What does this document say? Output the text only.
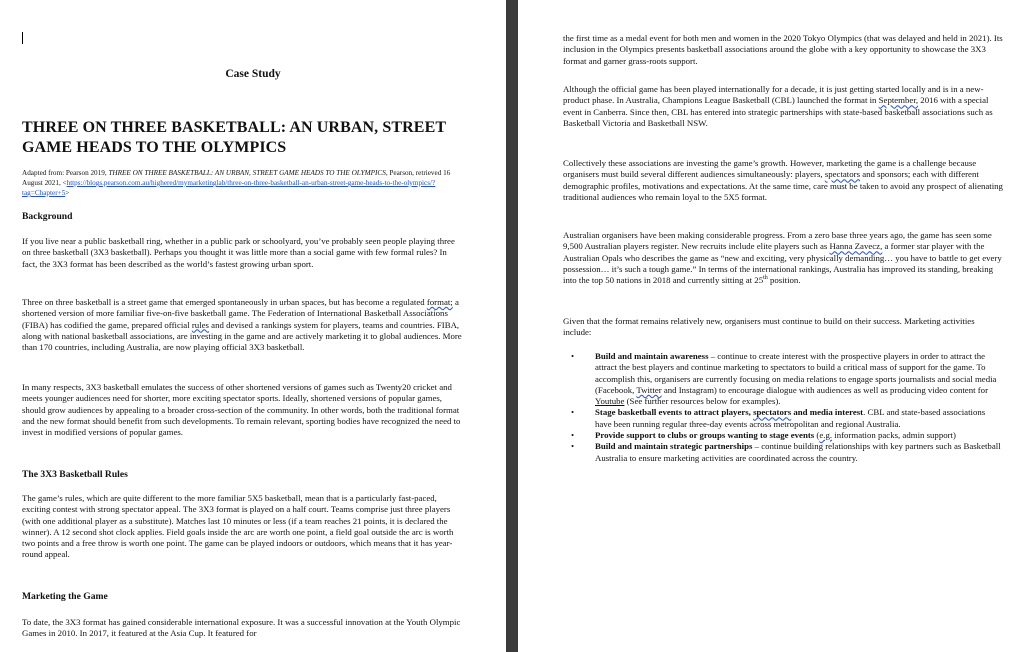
Case Study
THREE ON THREE BASKETBALL: AN URBAN, STREET GAME HEADS TO THE OLYMPICS
Adapted from: Pearson 2019, THREE ON THREE BASKETBALL: AN URBAN, STREET GAME HEADS TO THE OLYMPICS, Pearson, retrieved 16 August 2021, <https://blogs.pearson.com.au/highered/mymarketinglab/three-on-three-basketball-an-urban-street-game-heads-to-the-olympics/?tag=Chapter+5>
Background
If you live near a public basketball ring, whether in a public park or schoolyard, you’ve probably seen people playing three on three basketball (3X3 basketball). Perhaps you thought it was little more than a social game with few formal rules? In fact, the 3X3 format has been described as the world’s fastest growing urban sport.
Three on three basketball is a street game that emerged spontaneously in urban spaces, but has become a regulated format; a shortened version of more familiar five-on-five basketball game. The Federation of International Basketball Associations (FIBA) has codified the game, prepared official rules and devised a rankings system for players, teams and countries. FIBA, along with national basketball associations, are investing in the game and are actively marketing it to global audiences. More than 170 countries, including Australia, are now playing official 3X3 basketball.
In many respects, 3X3 basketball emulates the success of other shortened versions of games such as Twenty20 cricket and meets younger audiences need for shorter, more exciting spectator sports. Ideally, shortened versions of popular games, should grow audiences by appealing to a broader cross-section of the community. In other words, both the traditional format and the new format should benefit from such developments. To remain relevant, sporting bodies have recognized the need to invest in modified versions of popular games.
The 3X3 Basketball Rules
The game’s rules, which are quite different to the more familiar 5X5 basketball, mean that is a particularly fast-paced, exciting contest with strong spectator appeal. The 3X3 format is played on a half court. Teams comprise just three players (with one additional player as a substitute). Matches last 10 minutes or less (if a team reaches 21 points, it is declared the winner). A 12 second shot clock applies. Field goals inside the arc are worth one point, a field goal outside the arc is worth two points and a free throw is worth one point. The game can be played indoors or outdoors, which means that it has year-round appeal.
Marketing the Game
To date, the 3X3 format has gained considerable international exposure. It was a successful innovation at the Youth Olympic Games in 2010. In 2017, it featured at the Asia Cup. It featured for
the first time as a medal event for both men and women in the 2020 Tokyo Olympics (that was delayed and held in 2021). Its inclusion in the Olympics presents basketball associations around the globe with a key opportunity to showcase the 3X3 format and garner grass-roots support.
Although the official game has been played internationally for a decade, it is just getting started locally and is in a new-product phase. In Australia, Champions League Basketball (CBL) launched the format in September, 2016 with a special event in Canberra. Since then, CBL has entered into strategic partnerships with state-based basketball associations such as Basketball Victoria and Basketball NSW.
Collectively these associations are investing the game’s growth. However, marketing the game is a challenge because organisers must build several different audiences simultaneously: players, spectators and sponsors; each with different demographic profiles, motivations and expectations. At the same time, care must be taken to avoid any prospect of alienating traditional audiences who remain loyal to the 5X5 format.
Australian organisers have been making considerable progress. From a zero base three years ago, the game has seen some 9,500 Australian players register. New recruits include elite players such as Hanna Zavecz, a former star player with the Australian Opals who describes the game as “new and exciting, very physically demanding… you have to battle to get every possession… it’s such a tough game.” In terms of the international rankings, Australia has improved its standing, breaking into the top 50 nations in 2018 and currently sitting at 25th position.
Given that the format remains relatively new, organisers must continue to build on their success. Marketing activities include:
• Build and maintain awareness – continue to create interest with the prospective players in order to attract the attract the best players and continue marketing to spectators to build a critical mass of support for the game. To accomplish this, organisers are currently focusing on media relations to engage sports journalists and social media (Facebook, Twitter and Instagram) to encourage dialogue with audiences as well as producing video content for Youtube (See further resources below for examples).
• Stage basketball events to attract players, spectators and media interest. CBL and state-based associations have been running regular three-day events across metropolitan and regional Australia.
• Provide support to clubs or groups wanting to stage events (e.g. information packs, admin support)
• Build and maintain strategic partnerships – continue building relationships with key partners such as Basketball Australia to ensure marketing activities are coordinated across the country.
